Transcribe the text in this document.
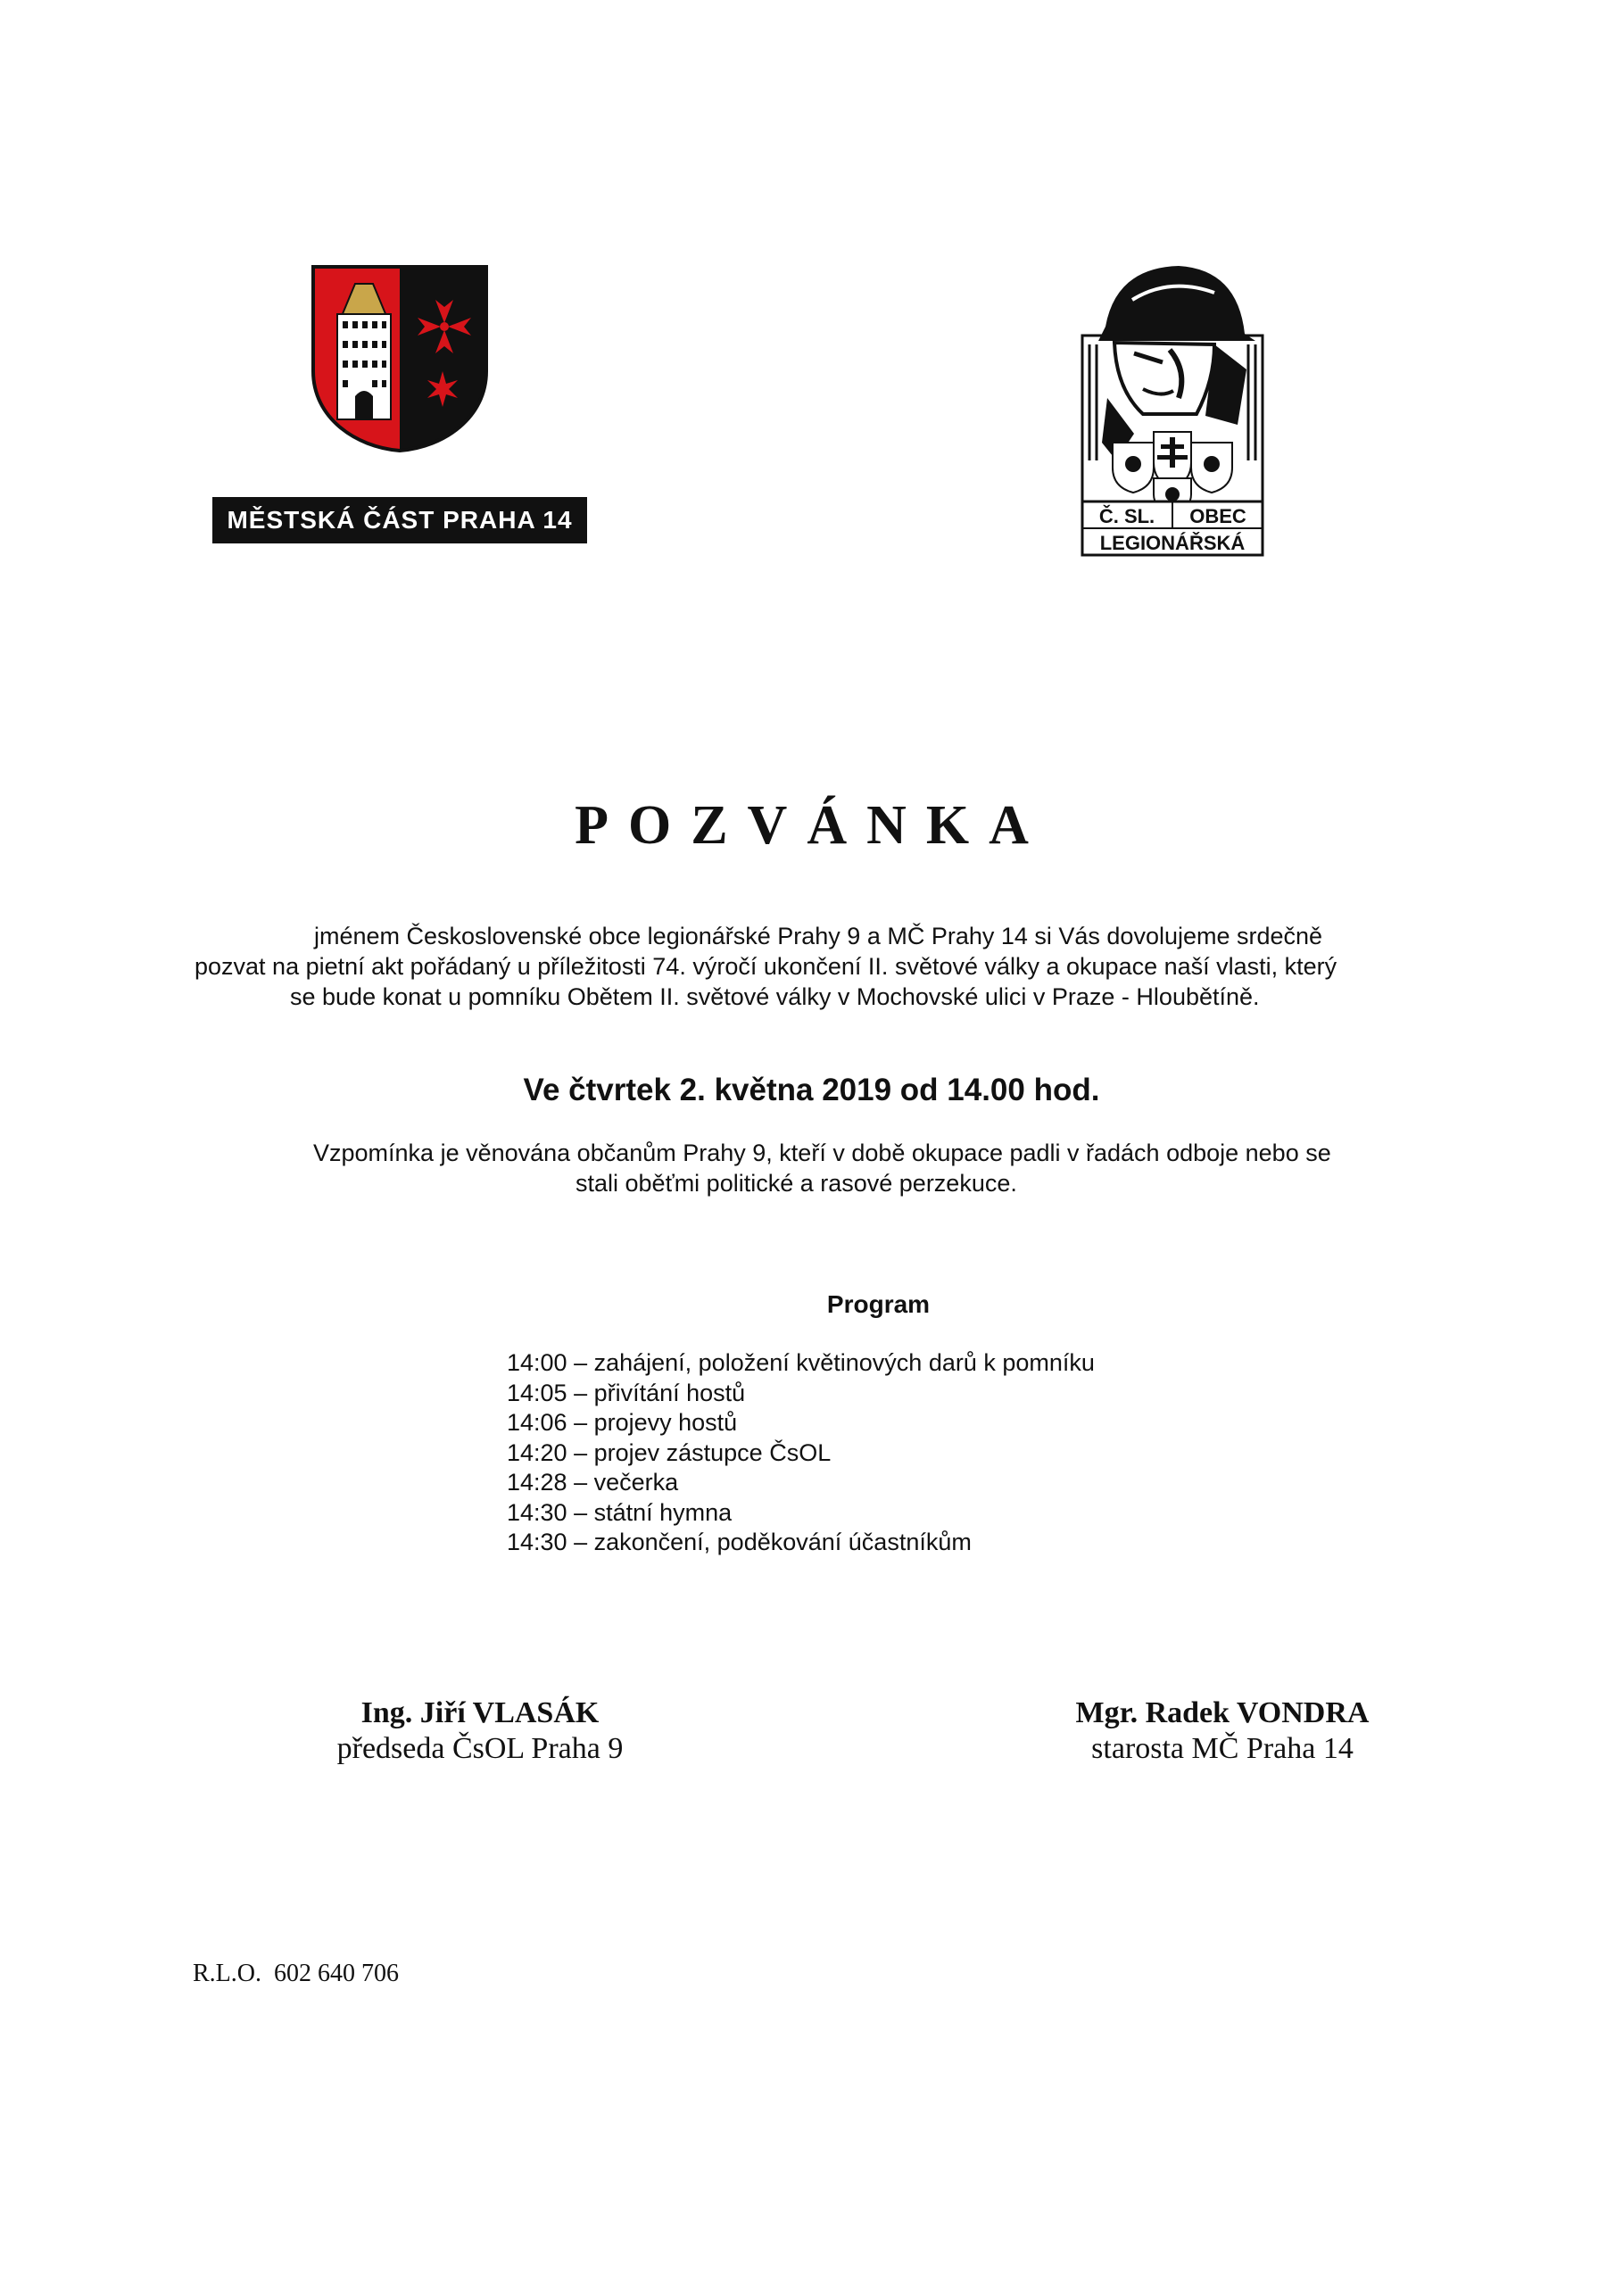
MĚSTSKÁ ČÁST PRAHA 14	Č. SL. OBEC
LEGIONÁŘSKÁ
POZVÁNKA
jménem Československé obce legionářské Prahy 9 a MČ Prahy 14 si Vás dovolujeme srdečně
pozvat na pietní akt pořádaný u příležitosti 74. výročí ukončení II. světové války a okupace naší vlasti, který
se bude konat u pomníku Obětem II. světové války v Mochovské ulici v Praze - Hloubětíně.
Ve čtvrtek 2. května 2019 od 14.00 hod.
Vzpomínka je věnována občanům Prahy 9, kteří v době okupace padli v řadách odboje nebo se
stali oběťmi politické a rasové perzekuce.
Program
14:00 – zahájení, položení květinových darů k pomníku
14:05 – přivítání hostů
14:06 – projevy hostů
14:20 – projev zástupce ČsOL
14:28 – večerka
14:30 – státní hymna
14:30 – zakončení, poděkování účastníkům
Ing. Jiří VLASÁK
předseda ČsOL Praha 9
Mgr. Radek VONDRA
starosta MČ Praha 14
R.L.O.  602 640 706
